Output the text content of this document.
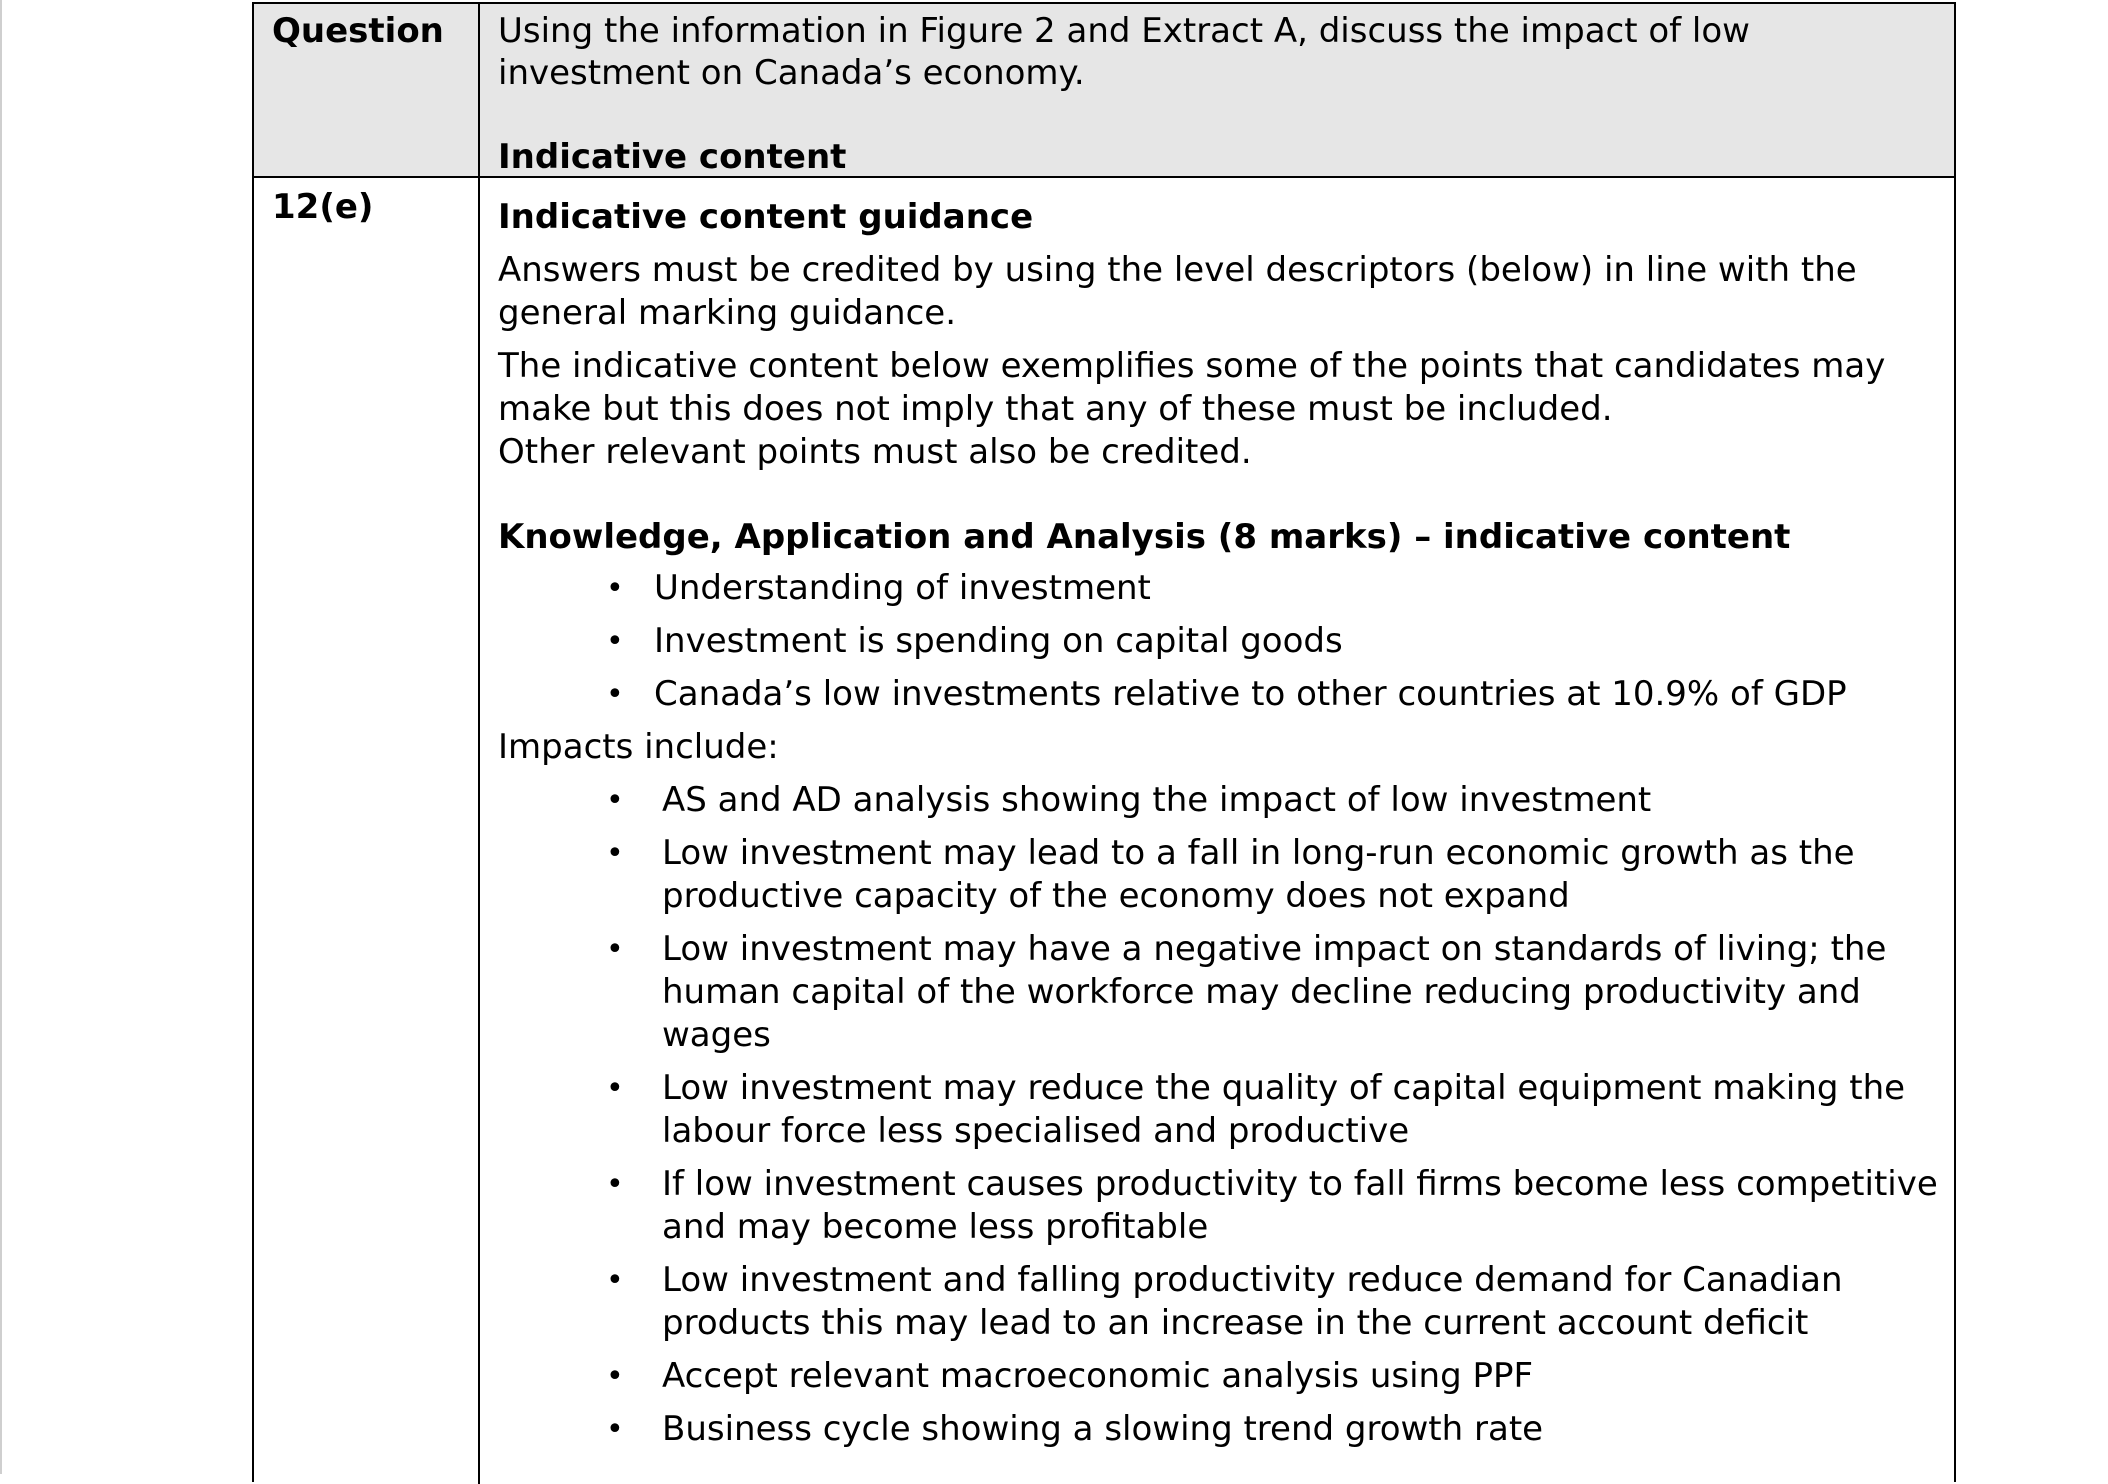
Question Using the information in Figure 2 and Extract A, discuss the impact of low

investment on Canada’s economy.

Indicative content

12(e)	Indicative content guidance

Answers must be credited by using the level descriptors (below) in line with the general marking guidance.

The indicative content below exemplifies some of the points that candidates may make but this does not imply that any of these must be included.

Other relevant points must also be credited.

Knowledge, Application and Analysis (8 marks) – indicative content

• Understanding of investment
• Investment is spending on capital goods
• Canada’s low investments relative to other countries at 10.9% of GDP

Impacts include:

• AS and AD analysis showing the impact of low investment
• Low investment may lead to a fall in long-run economic growth as the productive capacity of the economy does not expand
• Low investment may have a negative impact on standards of living; the human capital of the workforce may decline reducing productivity and wages
• Low investment may reduce the quality of capital equipment making the labour force less specialised and productive
• If low investment causes productivity to fall firms become less competitive and may become less profitable
• Low investment and falling productivity reduce demand for Canadian products this may lead to an increase in the current account deficit
• Accept relevant macroeconomic analysis using PPF
• Business cycle showing a slowing trend growth rate
